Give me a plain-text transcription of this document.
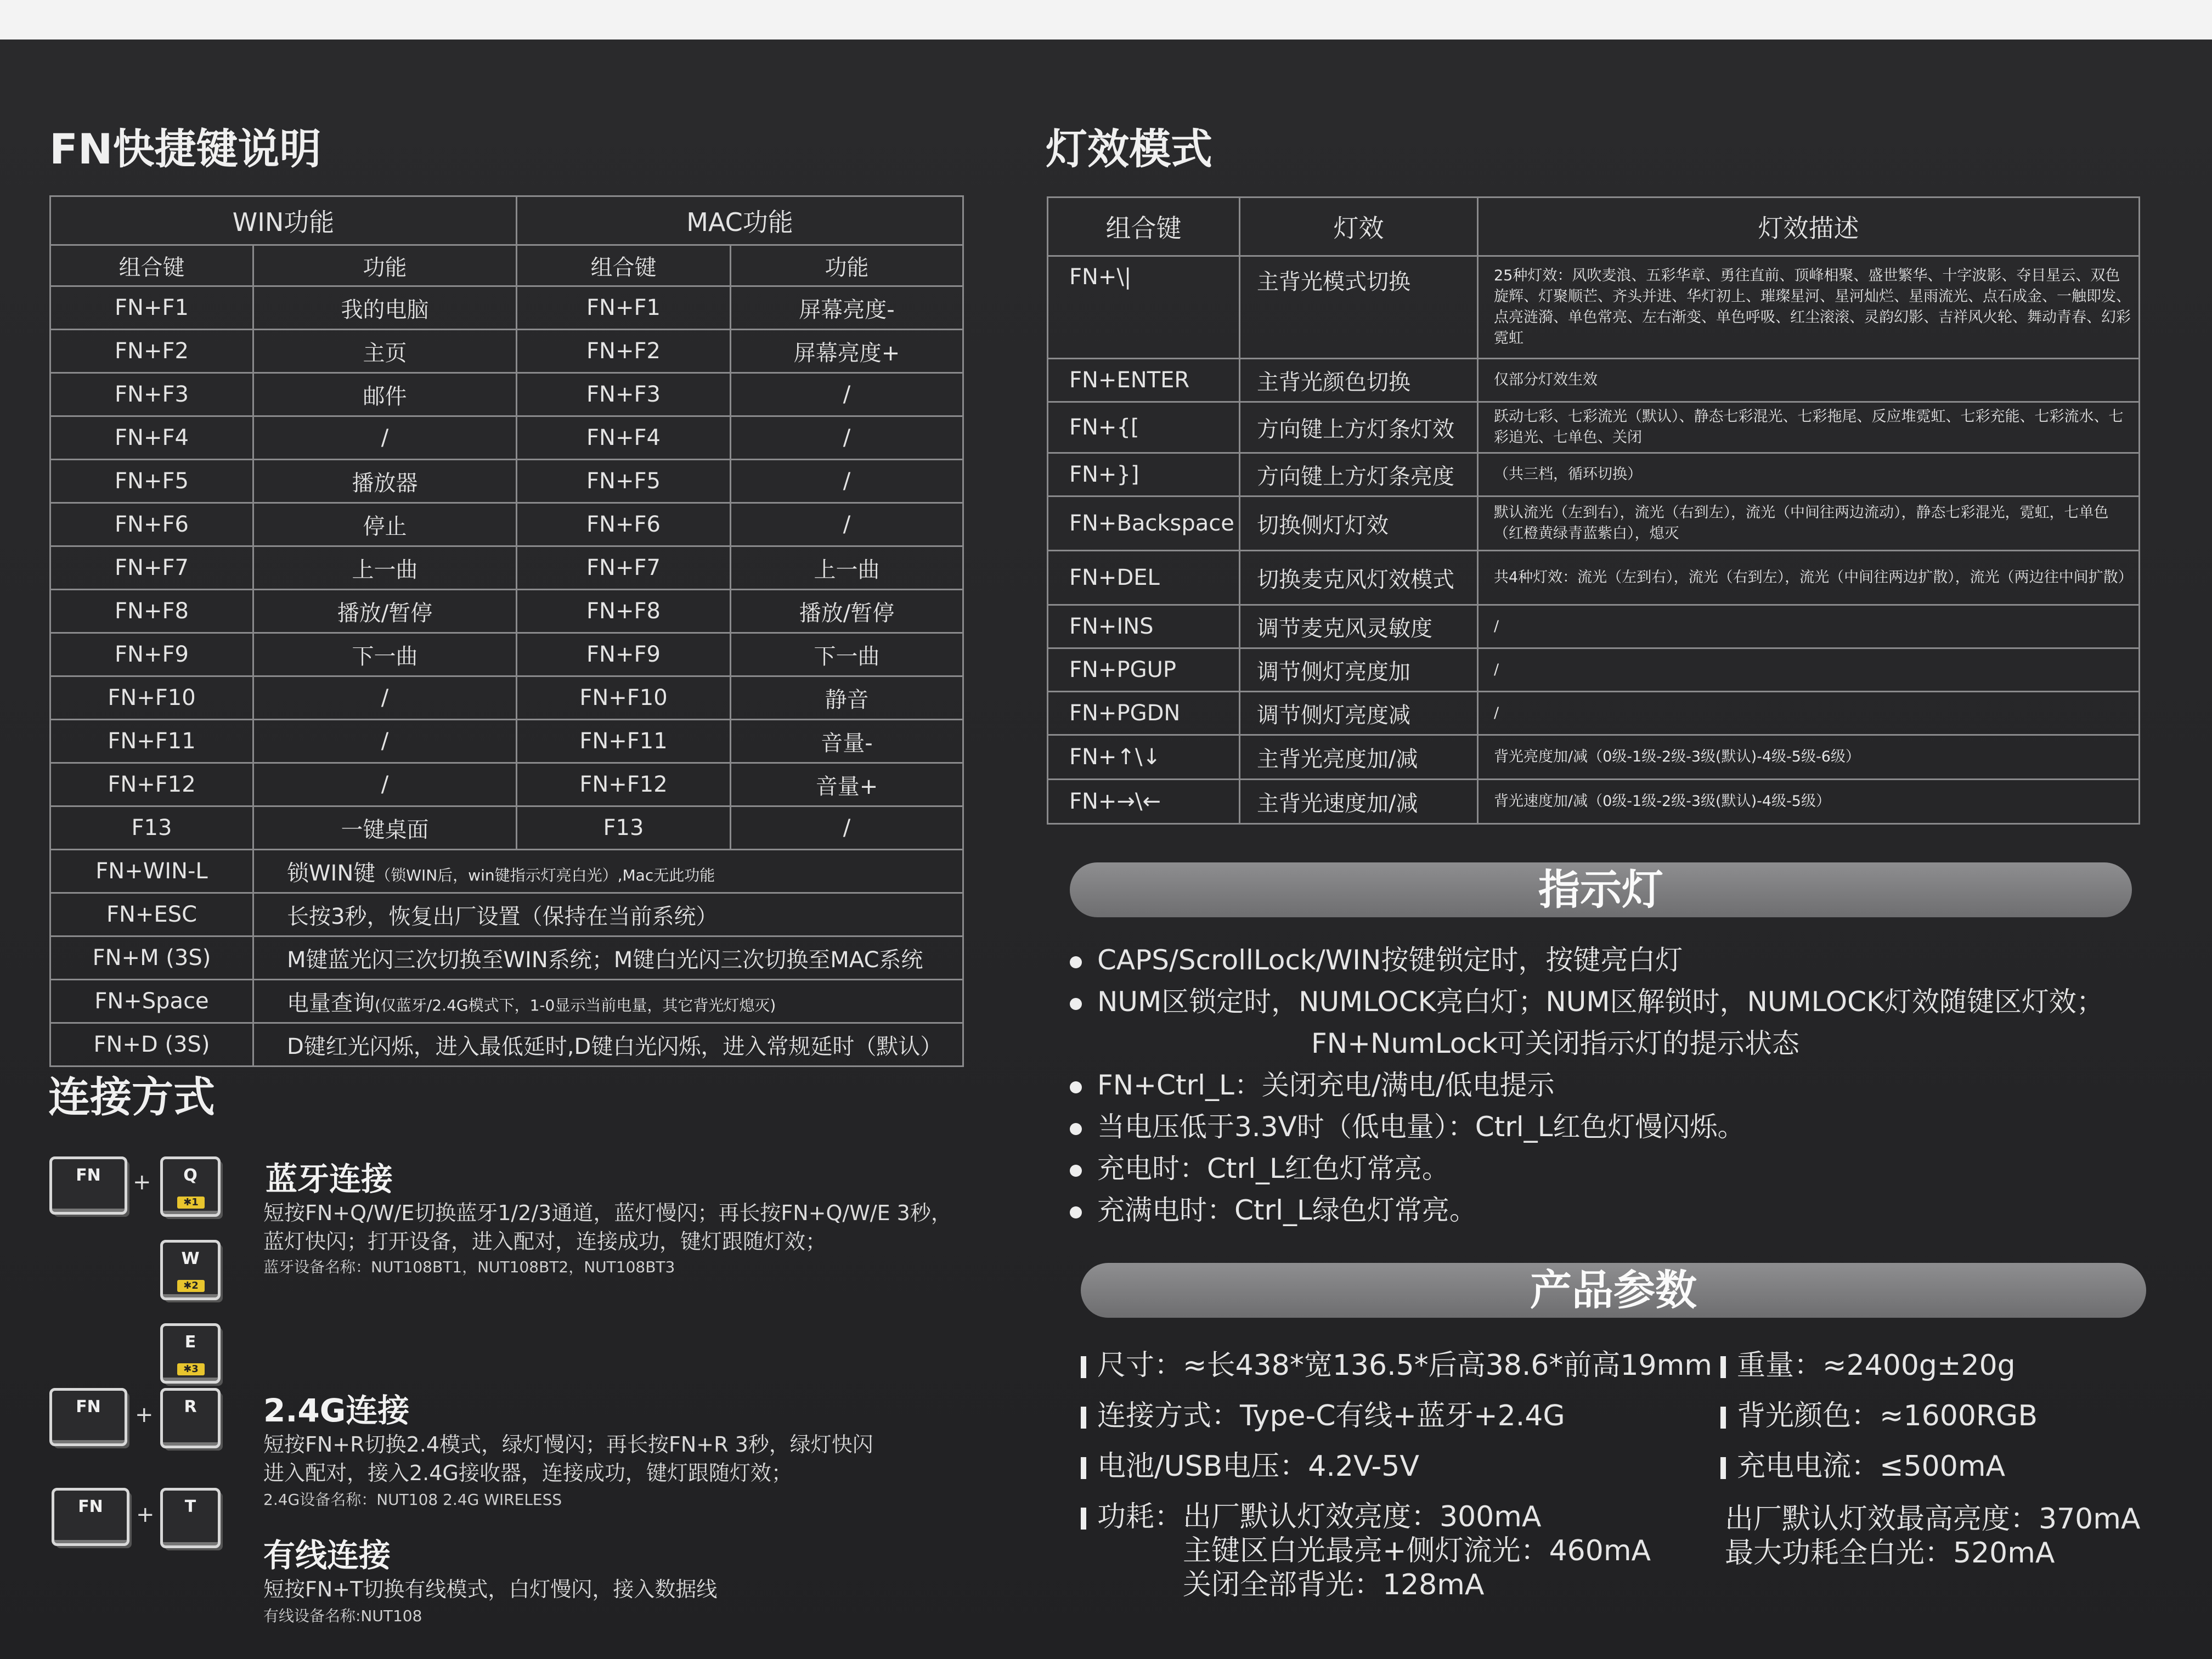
FN快捷键说明
WIN功能		MAC功能	
组合键	功能	组合键	功能
FN+F1	我的电脑	FN+F1	屏幕亮度-
FN+F2	主页	FN+F2	屏幕亮度+
FN+F3	邮件	FN+F3	/
FN+F4	/	FN+F4	/
FN+F5	播放器	FN+F5	/
FN+F6	停止	FN+F6	/
FN+F7	上一曲	FN+F7	上一曲
FN+F8	播放/暂停	FN+F8	播放/暂停
FN+F9	下一曲	FN+F9	下一曲
FN+F10	/	FN+F10	静音
FN+F11	/	FN+F11	音量-
FN+F12	/	FN+F12	音量+
F13	一键桌面	F13	/
FN+WIN-L	锁WIN键（锁WIN后，win键指示灯亮白光）,Mac无此功能		
FN+ESC	长按3秒，恢复出厂设置（保持在当前系统）		
FN+M (3S)	M键蓝光闪三次切换至WIN系统；M键白光闪三次切换至MAC系统		
FN+Space	电量查询(仅蓝牙/2.4G模式下，1-0显示当前电量，其它背光灯熄灭)		
FN+D (3S)	D键红光闪烁，进入最低延时,D键白光闪烁，进入常规延时（默认）		
连接方式
FN	+	Q
✱1
W
✱2
E
✱3
蓝牙连接
短按FN+Q/W/E切换蓝牙1/2/3通道，蓝灯慢闪；再长按FN+Q/W/E 3秒，
蓝灯快闪；打开设备，进入配对，连接成功，键灯跟随灯效；
蓝牙设备名称：NUT108BT1，NUT108BT2，NUT108BT3
FN	+	R	2.4G连接
短按FN+R切换2.4模式，绿灯慢闪；再长按FN+R 3秒，绿灯快闪
进入配对，接入2.4G接收器，连接成功，键灯跟随灯效；
2.4G设备名称：NUT108 2.4G WIRELESS
FN	+	T
有线连接
短按FN+T切换有线模式，白灯慢闪，接入数据线
有线设备名称:NUT108
灯效模式
组合键	灯效	灯效描述
FN+\|	主背光模式切换	25种灯效：风吹麦浪、五彩华章、勇往直前、顶峰相聚、盛世繁华、十字波影、夺目星云、双色旋辉、灯聚顺芒、齐头并进、华灯初上、璀璨星河、星河灿烂、星雨流光、点石成金、一触即发、点亮涟漪、单色常亮、左右渐变、单色呼吸、红尘滚滚、灵韵幻影、吉祥风火轮、舞动青春、幻彩霓虹
FN+ENTER	主背光颜色切换	仅部分灯效生效
FN+{[	方向键上方灯条灯效	跃动七彩、七彩流光（默认）、静态七彩混光、七彩拖尾、反应堆霓虹、七彩充能、七彩流水、七彩追光、七单色、关闭
FN+}]	方向键上方灯条亮度	（共三档，循环切换）
FN+Backspace	切换侧灯灯效	默认流光（左到右），流光（右到左），流光（中间往两边流动），静态七彩混光，霓虹，七单色（红橙黄绿青蓝紫白），熄灭
FN+DEL	切换麦克风灯效模式	共4种灯效：流光（左到右），流光（右到左），流光（中间往两边扩散），流光（两边往中间扩散）
FN+INS	调节麦克风灵敏度	/
FN+PGUP	调节侧灯亮度加	/
FN+PGDN	调节侧灯亮度减	/
FN+↑\↓	主背光亮度加/减	背光亮度加/减（0级-1级-2级-3级(默认)-4级-5级-6级）
FN+→\←	主背光速度加/减	背光速度加/减（0级-1级-2级-3级(默认)-4级-5级）
指示灯
CAPS/ScrollLock/WIN按键锁定时，按键亮白灯
NUM区锁定时，NUMLOCK亮白灯；NUM区解锁时，NUMLOCK灯效随键区灯效；
FN+NumLock可关闭指示灯的提示状态
FN+Ctrl_L：关闭充电/满电/低电提示
当电压低于3.3V时（低电量）：Ctrl_L红色灯慢闪烁。
充电时：Ctrl_L红色灯常亮。
充满电时：Ctrl_L绿色灯常亮。
产品参数
尺寸：≈长438*宽136.5*后高38.6*前高19mm 重量：≈2400g±20g
连接方式：Type-C有线+蓝牙+2.4G	背光颜色：≈1600RGB
电池/USB电压：4.2V-5V	充电电流：≤500mA
功耗：出厂默认灯效亮度：300mA
主键区白光最亮+侧灯流光：460mA
关闭全部背光：128mA
出厂默认灯效最高亮度：370mA
最大功耗全白光：520mA
